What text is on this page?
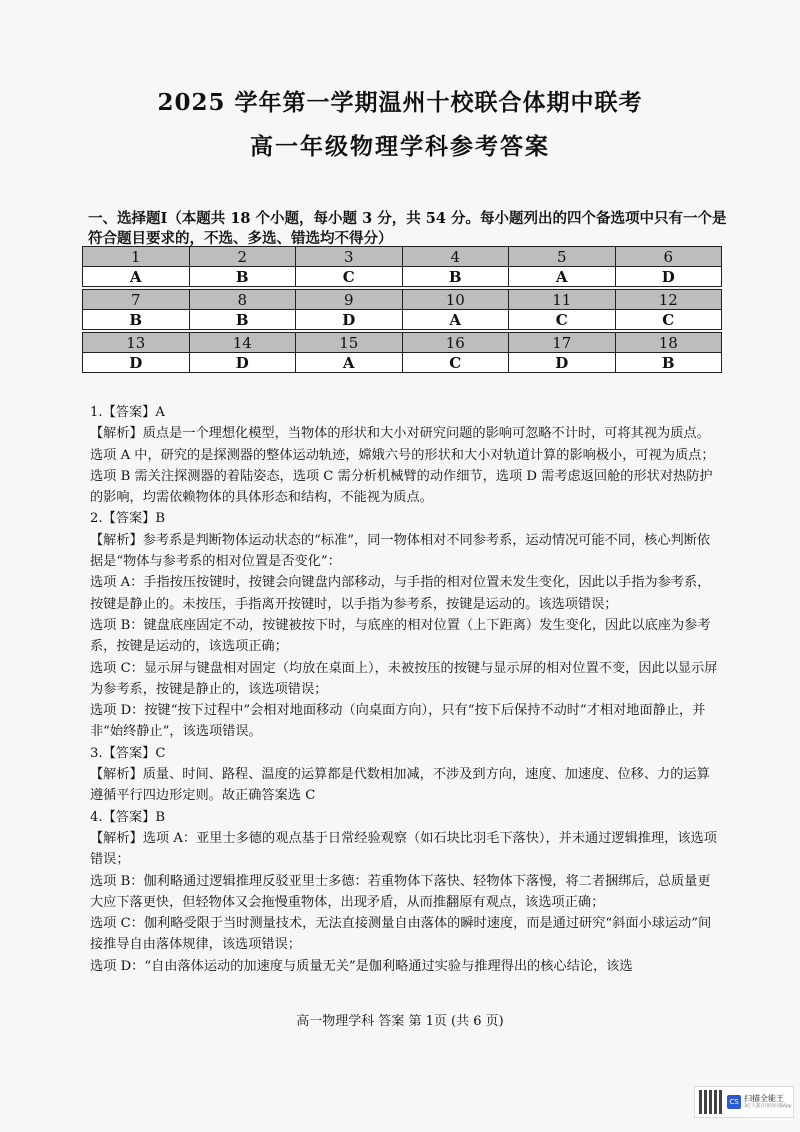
2025 学年第一学期温州十校联合体期中联考
高一年级物理学科参考答案
一、选择题Ⅰ（本题共 18 个小题，每小题 3 分，共 54 分。每小题列出的四个备选项中只有一个是符合题目要求的，不选、多选、错选均不得分）
1	2	3	4	5	6
A	B	C	B	A	D

7	8	9	10	11	12
B	B	D	A	C	C

13	14	15	16	17	18
D	D	A	C	D	B

1.【答案】A

【解析】质点是一个理想化模型，当物体的形状和大小对研究问题的影响可忽略不计时，可将其视为质点。

选项 A 中，研究的是探测器的整体运动轨迹，嫦娥六号的形状和大小对轨道计算的影响极小，可视为质点；

选项 B 需关注探测器的着陆姿态，选项 C 需分析机械臂的动作细节，选项 D 需考虑返回舱的形状对热防护的影响，均需依赖物体的具体形态和结构，不能视为质点。

2.【答案】B

【解析】参考系是判断物体运动状态的“标准”，同一物体相对不同参考系，运动情况可能不同，核心判断依据是“物体与参考系的相对位置是否变化”：

选项 A：手指按压按键时，按键会向键盘内部移动，与手指的相对位置未发生变化，因此以手指为参考系，按键是静止的。未按压，手指离开按键时，以手指为参考系，按键是运动的。该选项错误；

选项 B：键盘底座固定不动，按键被按下时，与底座的相对位置（上下距离）发生变化，因此以底座为参考系，按键是运动的，该选项正确；

选项 C：显示屏与键盘相对固定（均放在桌面上），未被按压的按键与显示屏的相对位置不变，因此以显示屏为参考系，按键是静止的，该选项错误；

选项 D：按键“按下过程中”会相对地面移动（向桌面方向），只有“按下后保持不动时”才相对地面静止，并非“始终静止”，该选项错误。

3.【答案】C

【解析】质量、时间、路程、温度的运算都是代数相加减，不涉及到方向，速度、加速度、位移、力的运算遵循平行四边形定则。故正确答案选 C

4.【答案】B

【解析】选项 A：亚里士多德的观点基于日常经验观察（如石块比羽毛下落快），并未通过逻辑推理，该选项错误；

选项 B：伽利略通过逻辑推理反驳亚里士多德：若重物体下落快、轻物体下落慢，将二者捆绑后，总质量更大应下落更快，但轻物体又会拖慢重物体，出现矛盾，从而推翻原有观点，该选项正确；

选项 C：伽利略受限于当时测量技术，无法直接测量自由落体的瞬时速度，而是通过研究“斜面小球运动”间接推导自由落体规律，该选项错误；

选项 D：“自由落体运动的加速度与质量无关”是伽利略通过实验与推理得出的核心结论，该选

高一物理学科 答案 第 1页 (共 6 页)
CS 扫描全能王
3亿人都在用的扫描App
